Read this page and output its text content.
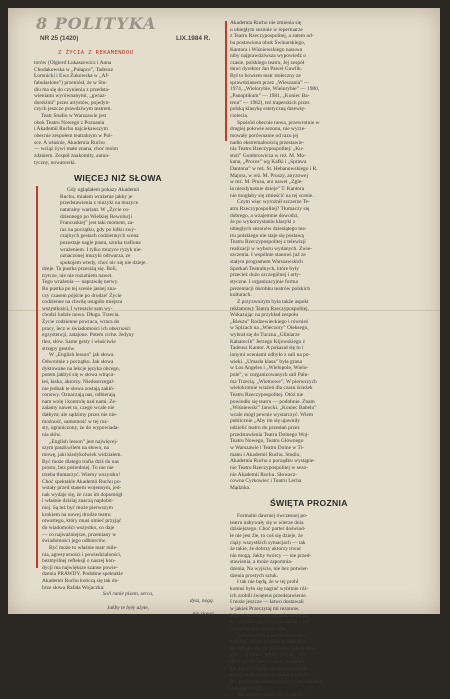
8 POLITYKA
NR 25 (1420)	LIX.1984 R.
Z ŻYCIA Z REKAMENDOU
torów (Olgierd Łukaszewicz i Anna
Chodakowska w „Pułapce”, Tadeusz
Łomnicki i Ewa Żukowska w „Af-
fabulasione”) przeniósł, że w Stu-
diu ma się do czynienia z przedsta-
wieniami wyrównanymi, „gwiaz-
dorskimi” przez artystów, pojedyn-
czych jeszcze prawdziwym teatrem.
Teatr Studio w Warszawie jest
obok Teatru Nowego z Poznania
i Akademii Ruchu najciekawszym
obecnie zespołem teatralnym w Pol-
sce. A właśnie, Akademia Ruchu
— wciąż żywi mało znana, choć moim
zdaniem. Zespół znakomity, autun-
tyczny, nowatorski.
WIĘCEJ NIŻ SŁOWA
Gdy oglądałem pokazy Akademii
Ruchu, miałem wrażenie jakby je
przedstawienia z muzyki na muzyce
naturalny wariant. W „Życie co-
dziennego po Wielkiej Rewolucji
Francuskiej” jest taki moment, za-
raz na początku, gdy po kilku zwy-
czajnych gestach codziennych scena
pozostaje nagle pusta, sztuka trafiona
wrażeniem. I tylko muzyce ryzyk nie-
oznaczonej muzyki odtwarza, ze
spokojem wtedy, choć nic się nie dzieje.
dzeje. Ta pustka przerażą się. Boli,
trytcze, nie nie rozumiem nawet.
Tego wrażenia — naprawdę nerwy.
Bo pustka po tej scenie jasnej zna-
czy czasem pójście po drodze! Życie
codzienne na chwilę ustąpiło miejsca
wszystkości, I wreszcie sam wy-
chodzi ludzie nowa. Długa. Trzecia.
Życie codzienne powraca, wraca do
pracy, lecz w świadomości ich obecności
egzystencji, zatajone. Potem ciche. Jedyny
tlen, słów. Same gesty i właściwie
strzępy gestów.
W „English lesson” jak słowa.
Odwrotnie z początku. Jak słowa
dyktowane na lekcje języka obcego,
potem jakbyś się w słowa wtrąca-
łeś, łaska, aktorzy. Niedostrzegal-
nie jednak te słowa zostają zakłó-
conowy. Oznaczają nas, odbierają
nam wolę i kontrolę nad nami. Ze-
zalamy nawet to, czego wcale nie
dałbym; ale sądzimy przez nie nie-
możność, samotność w tej roz-
sty, ograniczony, że do wypowiada-
nia słów.
„English lesson” jest najwięcej-
szym paszkwilem na słowo, na
mowę, jaki kiedykolwiek widziałem.
Być może dlatego trafia dziś do nas
prosto, bez pośredniej. To nie nie
trzeba tłumaczyć. Wiemy wszystko!
Choć spektakle Akademii Ruchu po-
wstały przed stanem wojennym, jed-
nak wydaje się, że czas im dopomógł
i właśnie dzisiaj znaczą najdobit-
niej. Są też być może pierwszym
krokiem na nowej drodze teatru
otwartego, który musi umieć przyjąć
do wiadomości wszystko, co daje
— co najważniejsze, przemiany w
świadomości jego odbiorców.
Być może to właśnie teatr mile-
nia, agresywności i powiedzialności,
bezmyślnej refleksji o naszej kon-
dycji ma największe szanse powie-
dzenia PRAWDY. Podobne spektakle
Akademii Ruchu kończą się tak do-
brze słowa Rafała Wojaczka:
Soli ranie pisem, serca,
dysz, nogą.
Jakby te były użyte,
nie ziouez
Akademia Ruchu nie zmienia się
u ubiegłym sezonie w repertuarze
z Teatru Rzeczypospolitej, a zatem od-
ba postawiona obok Świnarskiego,
Kantora i Wiśniewskiego nasuwa
niby najprawdziwsza wypowiedź o
czasie, polskiego teatru, Jej zespół
duwi dyrektor Jan Paweł Gawlik.
Był to bowiem teatr stołeczny ze
sprawdzianem przez „Wieszania” —
1974, „Wielorybie, Wielorybie” — 1980,
„Panoptikum” — 1981, „Koniec Ba-
tenu” — 1982), też traperskich przez
polską klasykę estetyczną dziewię-
ciolecia.
Spośród obecnie nowa, przewrotnie w
drugiej połowie sezonu, nie wyrze-
mowały porównanie od razu jej
nadto ekstremalnością przestawie-
nia Teatru Rzeczypospolitej: „Ku-
stoń” Gombrowicza w reż. M. Mo-
kana, „Proces” wg Kafki i „Sprawa
Dantona” w reż. St. Hebanowskiego i R.
Majora, w reż. M. Pruszy, anyzowej
w reż. M. Prusa, ani nawet „Zgie-
ła niezdynaśnie dzieje” T. Kantora
nie mogłaby się zmieścić na tej scenie.
Czym więc wyrożnił szczerze Te-
atru Rzeczypospolitej? Tłumaczy się
dobrego, a wzajemnie dowodzi,
że po wykorzystaniu klasyki z
ubiegłych sezonów dziesiątego tea-
tru polskiego nie staje się postawą
Teatru Rzeczypospolitej z telewizji
realizacji w wyboru wydanych. Zwie-
szczenia. I wspólnie stanowi już ze
stałym programem Warszawskich
Spotkań Teatralnych, które były
przecież dużo szczególnej i arty-
styczne. I organizacyjnie forma
prezentacji dorobku teatrów polskich
kulturach.
Z przyzwoitym była także aspekt
reklamowy Teatru Rzeczypospolitej.
Wskazując na przykład zespołu
„Bieszu” Rodzewieckiego i również
w Spiżach na „Wieczory” Oleksego,
wybrał się do Tuczna „Gliniarze
Kabarecik” Jerzego Kijowskiego z
Tadeusz Kantor. A pokazał się to i
innymi oceniami odbyło z sali na po-
wieki. „Umarła klasa” była grana
w Los Angeles i „Wielopole, Wielo-
pole”, w zorganizowanych sali Palu-
ma Trzecią. „Wietnowe”, W pierwszych
wielokrotnie wrażeń dla czasu ścieżek
Teatru Rzeczypospolitej. Otóż nie
powiodło się teatru — podobnie. Znam
„Wiśniewski” Jarocki. „Koniec Babelu”
wcale mógł pewnie wystarczyć. Wiem
publicznie „Aby im się ujawniły
udzielić teatru do przesłań przez
przedstawienia Teatru Dolnego Woj-
Teatru Nowego, Teatru Głównego
w Warszawie i Teatru Dolne w Ti-
manu i Akademii Ruchu. Studio,
Akademia Ruchu z porządku wystąpie-
nie Teatru Rzeczypospolitej w sezo-
nie Akademii Ruchu. Słowacz-
cowna Cyrkowiec i Teatru Lecha
Mądzika.
ŚWIĘTA PROZNIA
Formalni dawniej ówczesnej po-
teatru nabywały się w wierze dnia
dzisiejszego. Choć parter doświad-
łe nie jest źle, to coś się dzieje, że
ciąży wszystkich sytuacjach — tak
że takie, że dobrzy aktorzy trwać
nie mogą. Jakby twórcy — nie przed-
stawienia, a może zapomnia-
dzenia, Na wyjście, nie bez potwier-
dzenia prostych sztuk.
I tak nie będą, że w tej prohl
komuś było się nagrać wybitnie róż-
ich zrobili święteus przedstawienie.
I może jeszcze — łatwo dostawali
w jakieś Przeczytaj mi rezonow.
Więcej sezonowo przyszła nawet na
w szkodzie, przyczyn wrażenia i wy-
korzystaj tę z ówczesnym.
Święta próźnia jest bowiem nie-
bytnika, święta próźnia to naklińcy.
ten rytuału się, to „urobiłby, gdyby mo-
gła”, „urobiłby, gdyby chciał”, „mo-
litby, gdyby nie...”, albo „uzupełni
ale nie to!” Święta próźnia przyjśle
zjwen bezkarności — stanu trzeźwo-
ści, potocznie nazwiedzonych, bezwiędnie
rzeczywistości.
Nie zdajmy sobie nie są najbar-
